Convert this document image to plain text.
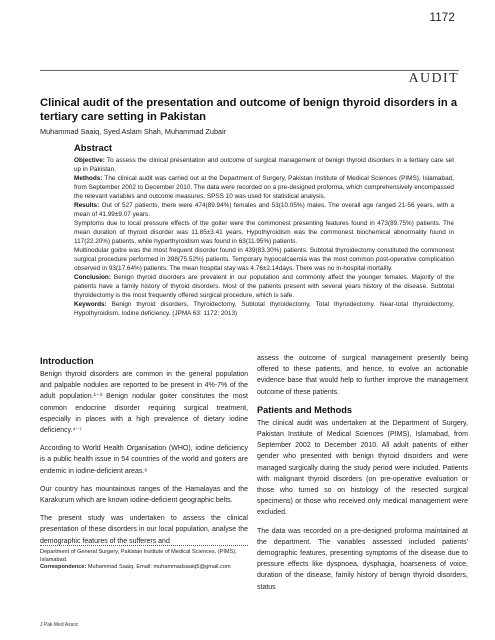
1172
AUDIT
Clinical audit of the presentation and outcome of benign thyroid disorders in a tertiary care setting in Pakistan
Muhammad Saaiq, Syed Aslam Shah, Muhammad Zubair
Abstract

Objective: To assess the clinical presentation and outcome of surgical management of benign thyroid disorders in a tertiary care set up in Pakistan.

Methods: The clinical audit was carried out at the Department of Surgery, Pakistan Institute of Medical Sciences (PIMS), Islamabad, from September 2002 to December 2010. The data were recorded on a pre-designed proforma, which comprehensively encompassed the relevant variables and outcome measures. SPSS 10 was used for statistical analysis.

Results: Out of 527 patients, there were 474(89.94%) females and 53(10.05%) males. The overall age ranged 21-56 years, with a mean of 41.99±9.07 years.

Symptoms due to local pressure effects of the goiter were the commonest presenting features found in 473(89.75%) patients. The mean duration of thyroid disorder was 11.85±3.41 years. Hypothyroidism was the commonest biochemical abnormality found in 117(22.20%) patients, while hyperthyroidism was found in 63(11.95%) patients.

Multinodular goitre was the most frequent disorder found in 439(83.30%) patients. Subtotal thyroidectomy constituted the commonest surgical procedure performed in 398(75.52%) patients. Temporary hypocalcaemia was the most common post-operative complication observed in 93(17.64%) patients. The mean hospital stay was 4.76±2.14days. There was no in-hospital mortality.

Conclusion: Benign thyroid disorders are prevalent in our population and commonly affect the younger females. Majority of the patients have a family history of thyroid disorders. Most of the patients present with several years history of the disease. Subtotal thyroidectomy is the most frequently offered surgical procedure, which is safe.

Keywords: Benign thyroid disorders, Thyroidectomy, Subtotal thyroidectomy, Total thyroidectomy. Near-total thyroidectomy, Hypothyroidism, Iodine deficiency. (JPMA 63: 1172; 2013)

Introduction

Benign thyroid disorders are common in the general population and palpable nodules are reported to be present in 4%-7% of the adult population.¹⁻³ Benign nodular goiter constitutes the most common endocrine disorder requiring surgical treatment, especially in places with a high prevalence of dietary iodine deficiency.⁴⁻⁷

According to World Health Organisation (WHO), iodine deficiency is a public health issue in 54 countries of the world and goiters are endemic in iodine-deficient areas.⁸

Our country has mountainous ranges of the Hamalayas and the Karakurum which are known iodine-deficient geographic belts.

The present study was undertaken to assess the clinical presentation of these disorders in our local population, analyse the demographic features of the sufferers and

Department of General Surgery, Pakistan Institute of Medical Sciences, (PIMS), Islamabad.
Correspondence: Muhammad Saaiq. Email: muhammadsaaiq5@gmail.com

assess the outcome of surgical management presently being offered to these patients, and hence, to evolve an actionable evidence base that would help to further improve the management outcome of these patients.

Patients and Methods

The clinical audit was undertaken at the Department of Surgery, Pakistan Institute of Medical Sciences (PIMS), Islamabad, from September 2002 to December 2010. All adult patients of either gender who presented with benign thyroid disorders and were managed surgically during the study period were included. Patients with malignant thyroid disorders (on pre-operative evaluation or those who turned so on histology of the resected surgical specimens) or those who received only medical management were excluded.

The data was recorded on a pre-designed proforma maintained at the department. The variables assessed included patients' demographic features, presenting symptoms of the disease due to pressure effects like dyspnoea, dysphagia, hoarseness of voice, duration of the disease, family history of benign thyroid disorders, status

J Pak Med Assoc
